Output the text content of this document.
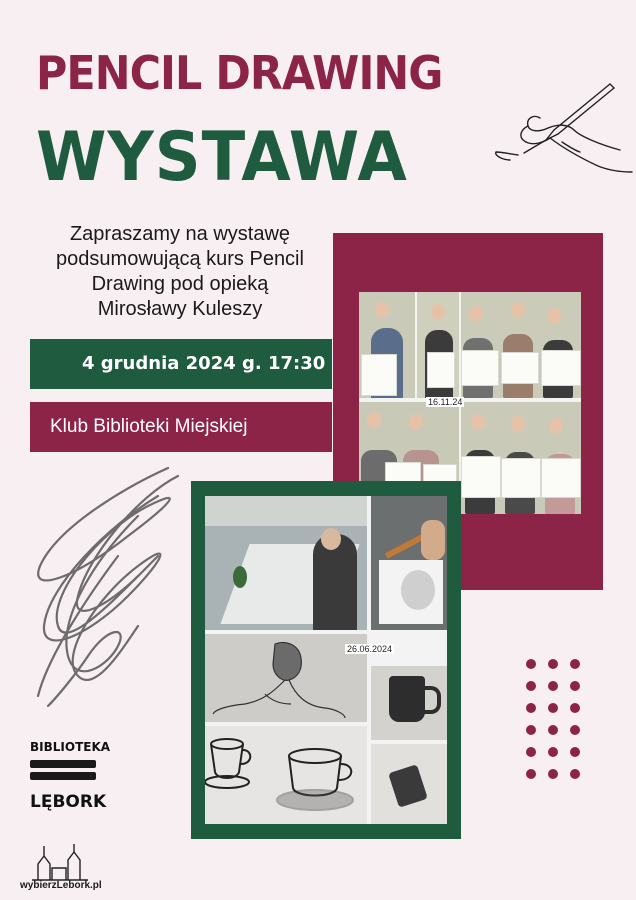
PENCIL DRAWING
WYSTAWA
Zapraszamy na wystawę
podsumowującą kurs Pencil
Drawing pod opieką
Mirosławy Kuleszy
16.11.24
4 grudnia 2024 g. 17:30
Klub Biblioteki Miejskiej
26.06.2024
BIBLIOTEKA
LĘBORK
wybierzLebork.pl
